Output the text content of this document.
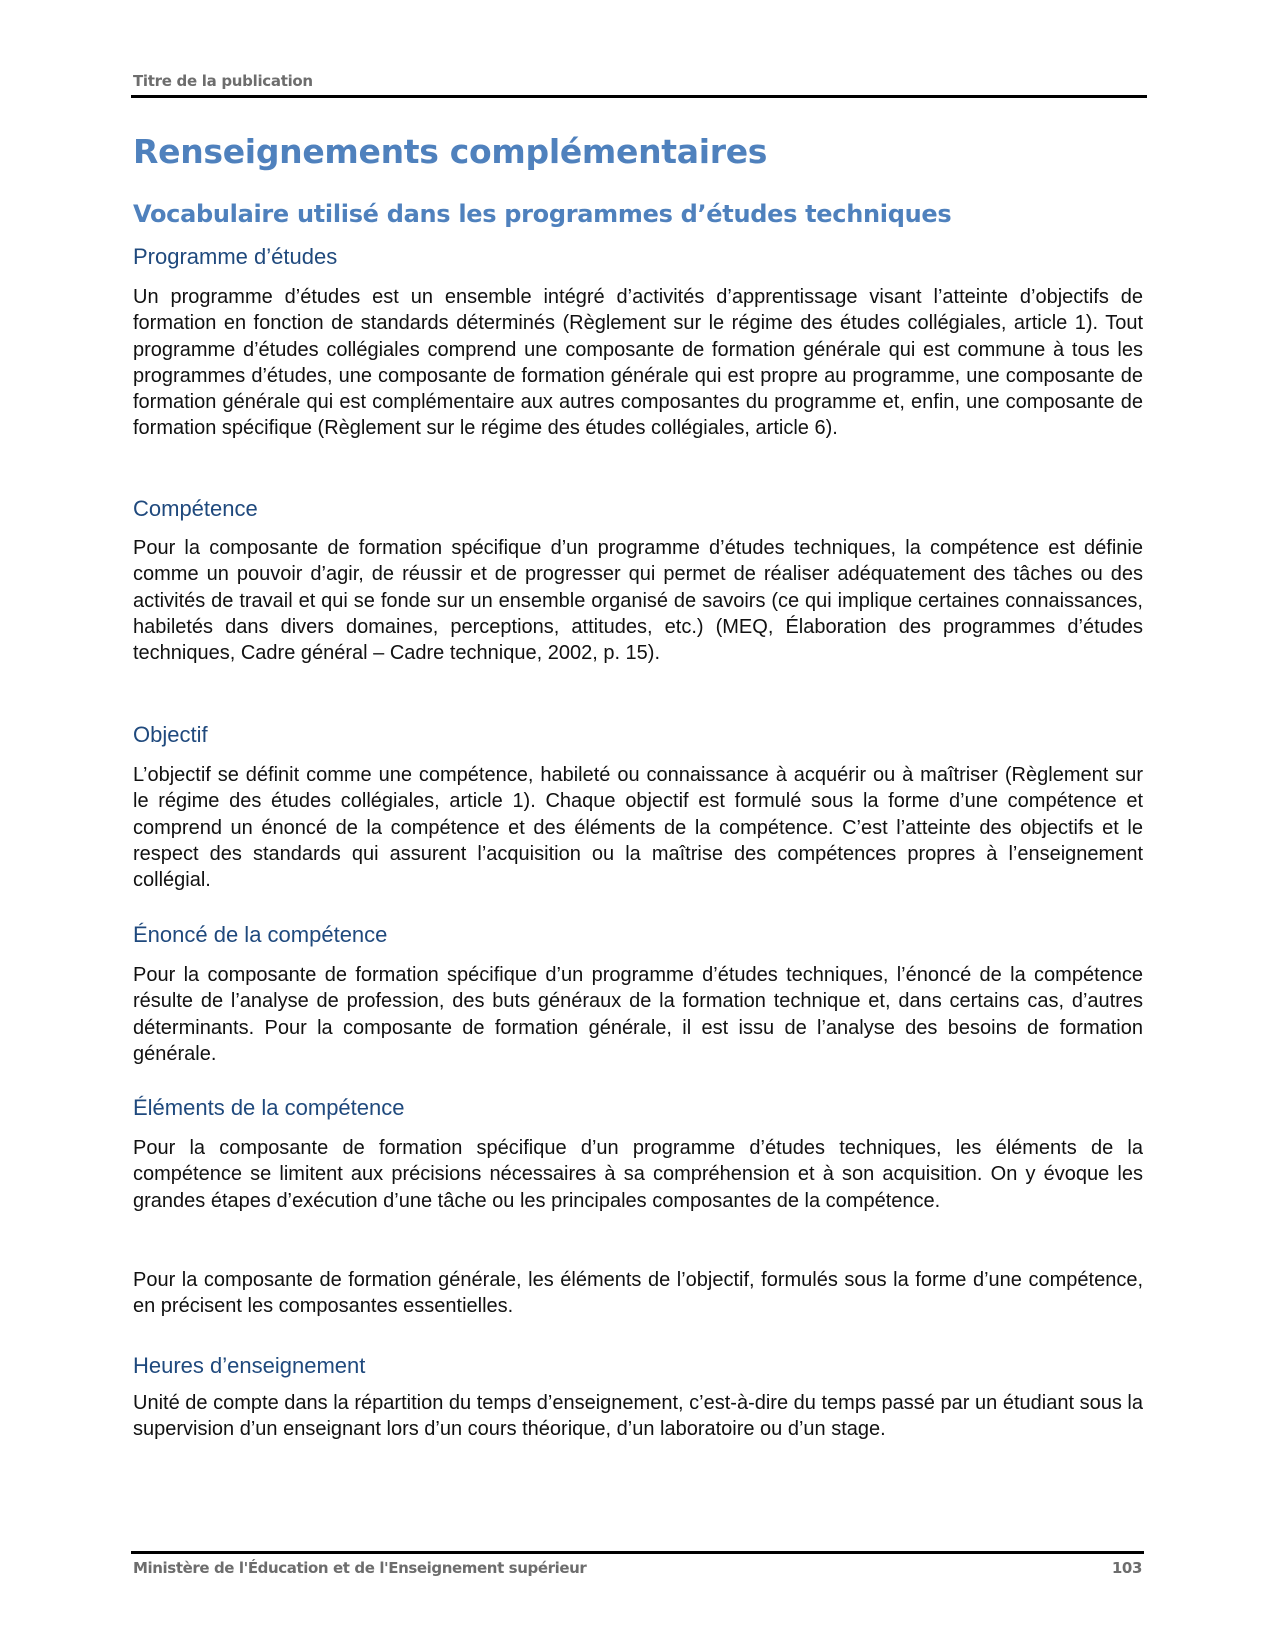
Titre de la publication
Renseignements complémentaires
Vocabulaire utilisé dans les programmes d’études techniques
Programme d’études

Un programme d’études est un ensemble intégré d’activités d’apprentissage visant l’atteinte d’objectifs de formation en fonction de standards déterminés (Règlement sur le régime des études collégiales, article 1). Tout programme d’études collégiales comprend une composante de formation générale qui est commune à tous les programmes d’études, une composante de formation générale qui est propre au programme, une composante de formation générale qui est complémentaire aux autres composantes du programme et, enfin, une composante de formation spécifique (Règlement sur le régime des études collégiales, article 6).

Compétence

Pour la composante de formation spécifique d’un programme d’études techniques, la compétence est définie comme un pouvoir d’agir, de réussir et de progresser qui permet de réaliser adéquatement des tâches ou des activités de travail et qui se fonde sur un ensemble organisé de savoirs (ce qui implique certaines connaissances, habiletés dans divers domaines, perceptions, attitudes, etc.) (MEQ, Élaboration des programmes d’études techniques, Cadre général – Cadre technique, 2002, p. 15).

Objectif

L’objectif se définit comme une compétence, habileté ou connaissance à acquérir ou à maîtriser (Règlement sur le régime des études collégiales, article 1). Chaque objectif est formulé sous la forme d’une compétence et comprend un énoncé de la compétence et des éléments de la compétence. C’est l’atteinte des objectifs et le respect des standards qui assurent l’acquisition ou la maîtrise des compétences propres à l’enseignement collégial.

Énoncé de la compétence

Pour la composante de formation spécifique d’un programme d’études techniques, l’énoncé de la compétence résulte de l’analyse de profession, des buts généraux de la formation technique et, dans certains cas, d’autres déterminants. Pour la composante de formation générale, il est issu de l’analyse des besoins de formation générale.

Éléments de la compétence

Pour la composante de formation spécifique d’un programme d’études techniques, les éléments de la compétence se limitent aux précisions nécessaires à sa compréhension et à son acquisition. On y évoque les grandes étapes d’exécution d’une tâche ou les principales composantes de la compétence.

Pour la composante de formation générale, les éléments de l’objectif, formulés sous la forme d’une compétence, en précisent les composantes essentielles.

Heures d’enseignement

Unité de compte dans la répartition du temps d’enseignement, c’est-à-dire du temps passé par un étudiant sous la supervision d’un enseignant lors d’un cours théorique, d’un laboratoire ou d’un stage.

Ministère de l'Éducation et de l'Enseignement supérieur	103
